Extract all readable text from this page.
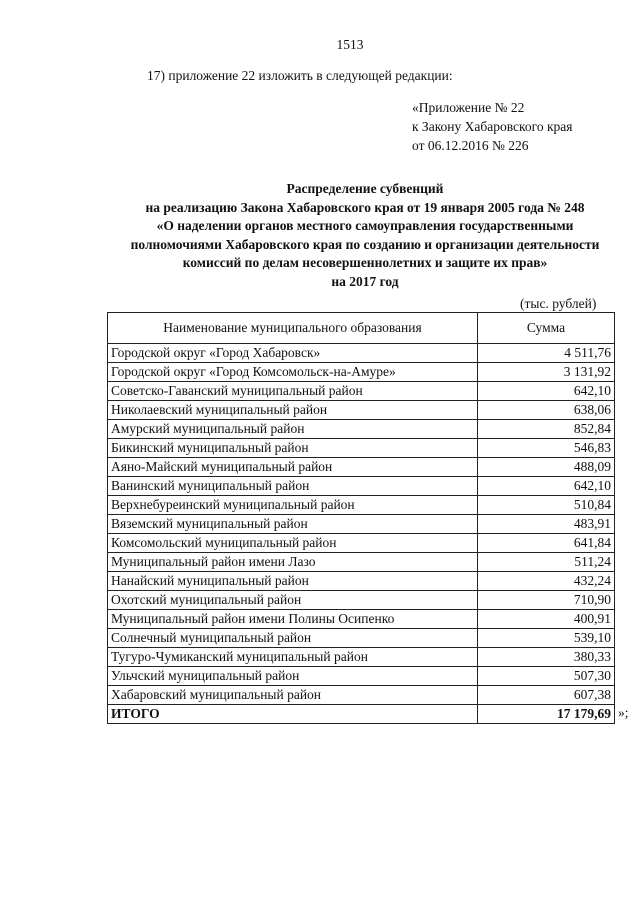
1513
17) приложение 22 изложить в следующей редакции:
«Приложение № 22
к Закону Хабаровского края
от 06.12.2016 № 226
Распределение субвенций
на реализацию Закона Хабаровского края от 19 января 2005 года № 248
«О наделении органов местного самоуправления государственными
полномочиями Хабаровского края по созданию и организации деятельности
комиссий по делам несовершеннолетних и защите их прав»
на 2017 год
(тыс. рублей)
Наименование муниципального образования	Сумма
Городской округ «Город Хабаровск»	4 511,76
Городской округ «Город Комсомольск-на-Амуре»	3 131,92
Советско-Гаванский муниципальный район	642,10
Николаевский муниципальный район	638,06
Амурский муниципальный район	852,84
Бикинский муниципальный район	546,83
Аяно-Майский муниципальный район	488,09
Ванинский муниципальный район	642,10
Верхнебуреинский муниципальный район	510,84
Вяземский муниципальный район	483,91
Комсомольский муниципальный район	641,84
Муниципальный район имени Лазо	511,24
Нанайский муниципальный район	432,24
Охотский муниципальный район	710,90
Муниципальный район имени Полины Осипенко	400,91
Солнечный муниципальный район	539,10
Тугуро-Чумиканский муниципальный район	380,33
Ульчский муниципальный район	507,30
Хабаровский муниципальный район	607,38
ИТОГО	17 179,69 »;
